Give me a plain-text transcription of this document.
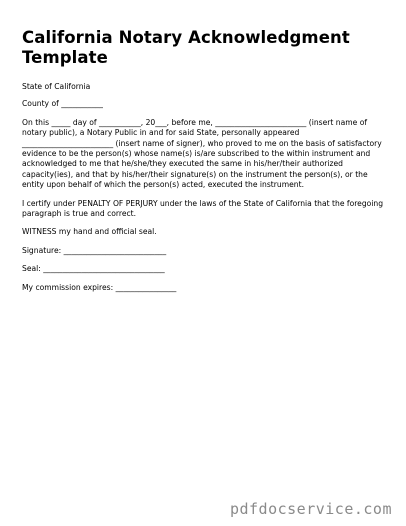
California Notary Acknowledgment Template

State of California

County of ___________

On this _____ day of ___________, 20___, before me, ________________________ (insert name of notary public), a Notary Public in and for said State, personally appeared ________________________ (insert name of signer), who proved to me on the basis of satisfactory evidence to be the person(s) whose name(s) is/are subscribed to the within instrument and acknowledged to me that he/she/they executed the same in his/her/their authorized capacity(ies), and that by his/her/their signature(s) on the instrument the person(s), or the entity upon behalf of which the person(s) acted, executed the instrument.

I certify under PENALTY OF PERJURY under the laws of the State of California that the foregoing paragraph is true and correct.

WITNESS my hand and official seal.

Signature: ___________________________

Seal: ________________________________

My commission expires: ________________

pdfdocservice.com
